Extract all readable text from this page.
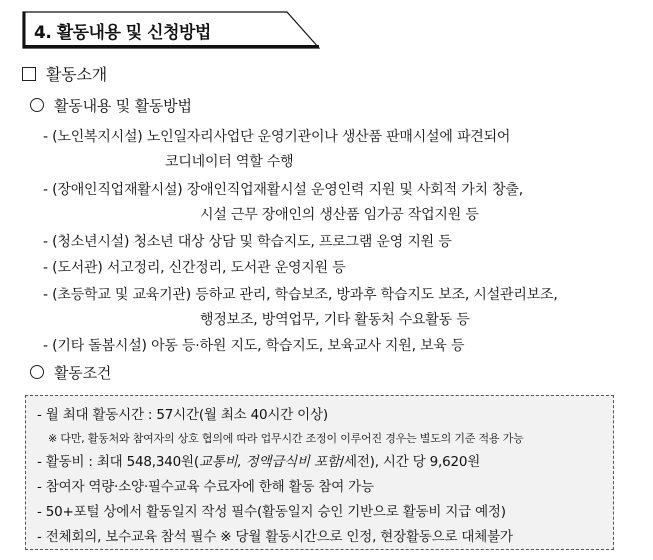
4. 활동내용 및 신청방법
활동소개
활동내용 및 활동방법
- (노인복지시설) 노인일자리사업단 운영기관이나 생산품 판매시설에 파견되어
코디네이터 역할 수행
- (장애인직업재활시설) 장애인직업재활시설 운영인력 지원 및 사회적 가치 창출,
시설 근무 장애인의 생산품 임가공 작업지원 등
- (청소년시설) 청소년 대상 상담 및 학습지도, 프로그램 운영 지원 등
- (도서관) 서고정리, 신간정리, 도서관 운영지원 등
- (초등학교 및 교육기관) 등하교 관리, 학습보조, 방과후 학습지도 보조, 시설관리보조,
행정보조, 방역업무, 기타 활동처 수요활동 등
- (기타 돌봄시설) 아동 등·하원 지도, 학습지도, 보육교사 지원, 보육 등
활동조건
- 월 최대 활동시간 : 57시간(월 최소 40시간 이상)
※ 다만, 활동처와 참여자의 상호 협의에 따라 업무시간 조정이 이루어진 경우는 별도의 기준 적용 가능
- 활동비 : 최대 548,340원(교통비, 정액급식비 포함/세전), 시간 당 9,620원
- 참여자 역량·소양·필수교육 수료자에 한해 활동 참여 가능
- 50+포털 상에서 활동일지 작성 필수(활동일지 승인 기반으로 활동비 지급 예정)
- 전체회의, 보수교육 참석 필수 ※ 당월 활동시간으로 인정, 현장활동으로 대체불가
